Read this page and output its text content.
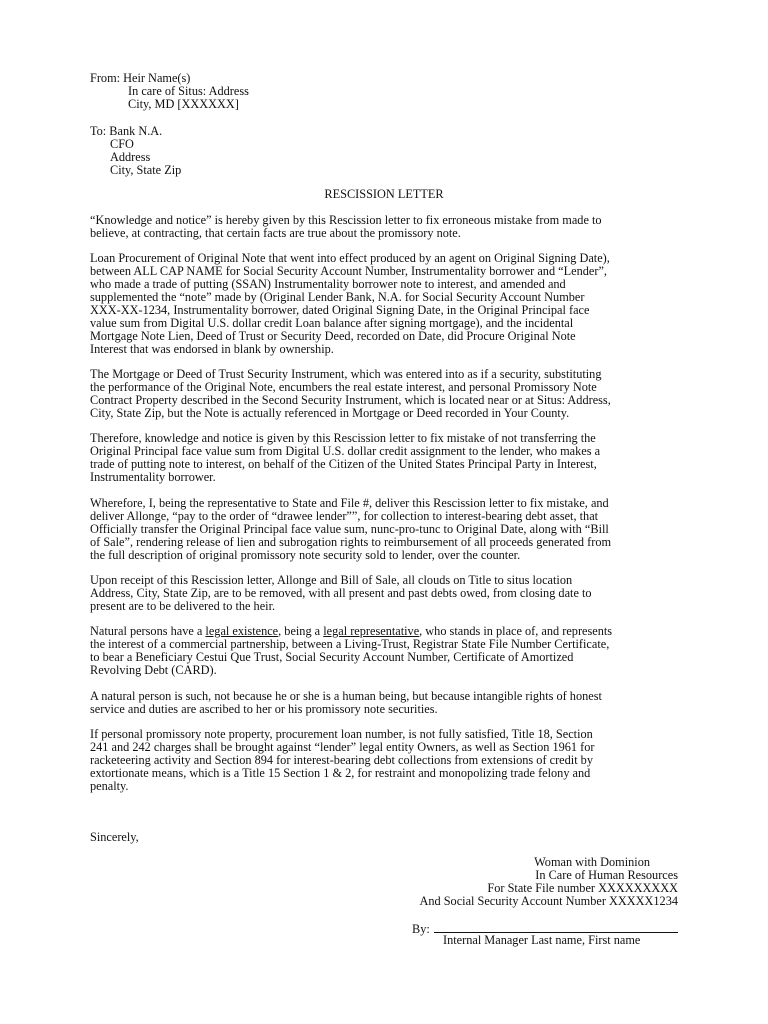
From: Heir Name(s)
In care of Situs: Address
City, MD [XXXXXX]
To: Bank N.A.
CFO
Address
City, State Zip
RESCISSION LETTER
“Knowledge and notice” is hereby given by this Rescission letter to fix erroneous mistake from made to
believe, at contracting, that certain facts are true about the promissory note.
Loan Procurement of Original Note that went into effect produced by an agent on Original Signing Date),
between ALL CAP NAME for Social Security Account Number, Instrumentality borrower and “Lender”,
who made a trade of putting (SSAN) Instrumentality borrower note to interest, and amended and
supplemented the “note” made by (Original Lender Bank, N.A. for Social Security Account Number
XXX-XX-1234, Instrumentality borrower, dated Original Signing Date, in the Original Principal face
value sum from Digital U.S. dollar credit Loan balance after signing mortgage), and the incidental
Mortgage Note Lien, Deed of Trust or Security Deed, recorded on Date, did Procure Original Note
Interest that was endorsed in blank by ownership.
The Mortgage or Deed of Trust Security Instrument, which was entered into as if a security, substituting
the performance of the Original Note, encumbers the real estate interest, and personal Promissory Note
Contract Property described in the Second Security Instrument, which is located near or at Situs: Address,
City, State Zip, but the Note is actually referenced in Mortgage or Deed recorded in Your County.
Therefore, knowledge and notice is given by this Rescission letter to fix mistake of not transferring the
Original Principal face value sum from Digital U.S. dollar credit assignment to the lender, who makes a
trade of putting note to interest, on behalf of the Citizen of the United States Principal Party in Interest,
Instrumentality borrower.
Wherefore, I, being the representative to State and File #, deliver this Rescission letter to fix mistake, and
deliver Allonge, “pay to the order of “drawee lender””, for collection to interest-bearing debt asset, that
Officially transfer the Original Principal face value sum, nunc-pro-tunc to Original Date, along with “Bill
of Sale”, rendering release of lien and subrogation rights to reimbursement of all proceeds generated from
the full description of original promissory note security sold to lender, over the counter.
Upon receipt of this Rescission letter, Allonge and Bill of Sale, all clouds on Title to situs location
Address, City, State Zip, are to be removed, with all present and past debts owed, from closing date to
present are to be delivered to the heir.
Natural persons have a legal existence, being a legal representative, who stands in place of, and represents
the interest of a commercial partnership, between a Living-Trust, Registrar State File Number Certificate,
to bear a Beneficiary Cestui Que Trust, Social Security Account Number, Certificate of Amortized
Revolving Debt (CARD).
A natural person is such, not because he or she is a human being, but because intangible rights of honest
service and duties are ascribed to her or his promissory note securities.
If personal promissory note property, procurement loan number, is not fully satisfied, Title 18, Section
241 and 242 charges shall be brought against “lender” legal entity Owners, as well as Section 1961 for
racketeering activity and Section 894 for interest-bearing debt collections from extensions of credit by
extortionate means, which is a Title 15 Section 1 & 2, for restraint and monopolizing trade felony and
penalty.
Sincerely,
Woman with Dominion
In Care of Human Resources
For State File number XXXXXXXXX
And Social Security Account Number XXXXX1234
By:
Internal Manager Last name, First name
